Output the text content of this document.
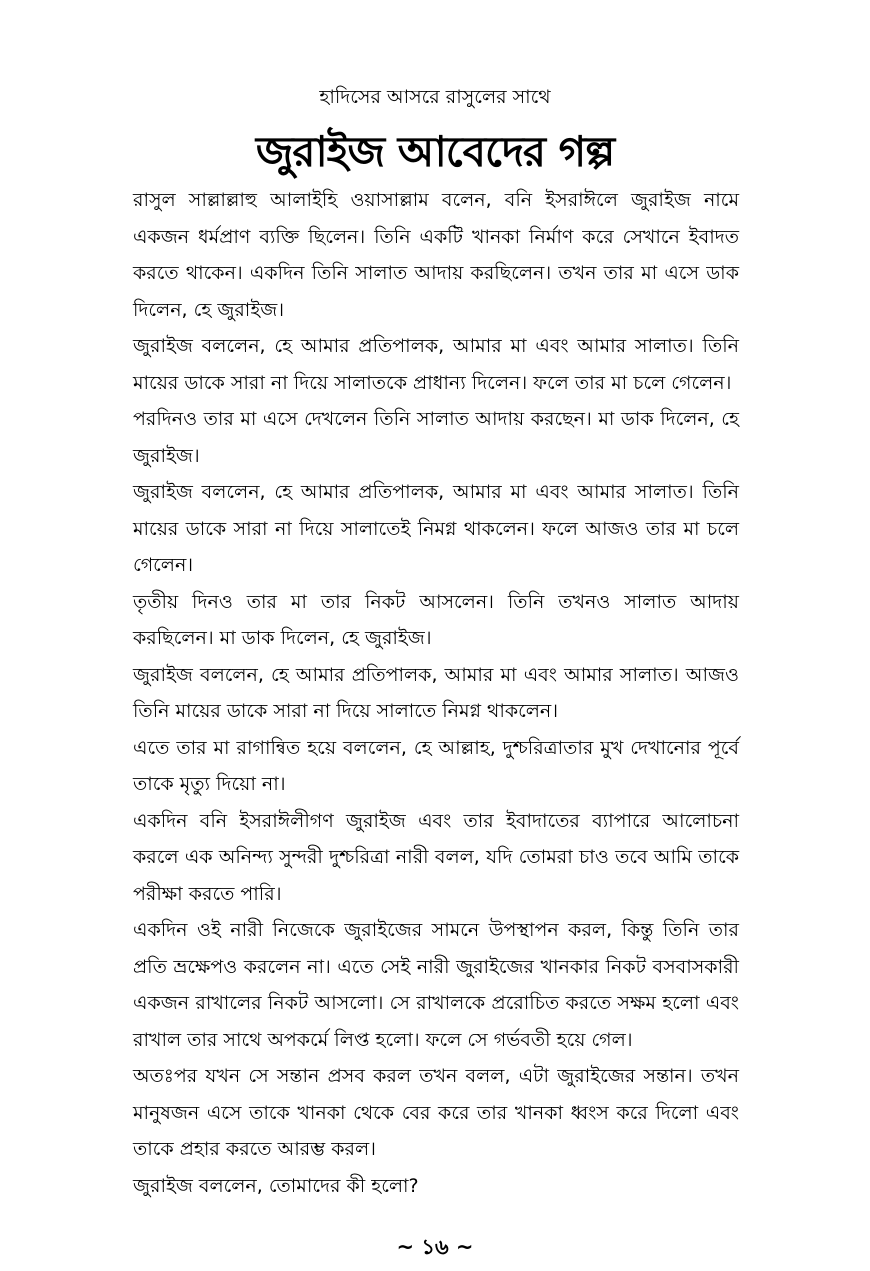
হাদিসের আসরে রাসুলের সাথে
জুরাইজ আবেদের গল্প

রাসুল সাল্লাল্লাহু আলাইহি ওয়াসাল্লাম বলেন, বনি ইসরাঈলে জুরাইজ নামে একজন ধর্মপ্রাণ ব্যক্তি ছিলেন। তিনি একটি খানকা নির্মাণ করে সেখানে ইবাদত করতে থাকেন। একদিন তিনি সালাত আদায় করছিলেন। তখন তার মা এসে ডাক দিলেন, হে জুরাইজ।

জুরাইজ বললেন, হে আমার প্রতিপালক, আমার মা এবং আমার সালাত। তিনি মায়ের ডাকে সারা না দিয়ে সালাতকে প্রাধান্য দিলেন। ফলে তার মা চলে গেলেন।

পরদিনও তার মা এসে দেখলেন তিনি সালাত আদায় করছেন। মা ডাক দিলেন, হে জুরাইজ।

জুরাইজ বললেন, হে আমার প্রতিপালক, আমার মা এবং আমার সালাত। তিনি মায়ের ডাকে সারা না দিয়ে সালাতেই নিমগ্ন থাকলেন। ফলে আজও তার মা চলে গেলেন।

তৃতীয় দিনও তার মা তার নিকট আসলেন। তিনি তখনও সালাত আদায় করছিলেন। মা ডাক দিলেন, হে জুরাইজ।

জুরাইজ বললেন, হে আমার প্রতিপালক, আমার মা এবং আমার সালাত। আজও তিনি মায়ের ডাকে সারা না দিয়ে সালাতে নিমগ্ন থাকলেন।

এতে তার মা রাগান্বিত হয়ে বললেন, হে আল্লাহ, দুশ্চরিত্রাতার মুখ দেখানোর পূর্বে তাকে মৃত্যু দিয়ো না।

একদিন বনি ইসরাঈলীগণ জুরাইজ এবং তার ইবাদাতের ব্যাপারে আলোচনা করলে এক অনিন্দ্য সুন্দরী দুশ্চরিত্রা নারী বলল, যদি তোমরা চাও তবে আমি তাকে পরীক্ষা করতে পারি।

একদিন ওই নারী নিজেকে জুরাইজের সামনে উপস্থাপন করল, কিন্তু তিনি তার প্রতি ভ্রক্ষেপও করলেন না। এতে সেই নারী জুরাইজের খানকার নিকট বসবাসকারী একজন রাখালের নিকট আসলো। সে রাখালকে প্ররোচিত করতে সক্ষম হলো এবং রাখাল তার সাথে অপকর্মে লিপ্ত হলো। ফলে সে গর্ভবতী হয়ে গেল।

অতঃপর যখন সে সন্তান প্রসব করল তখন বলল, এটা জুরাইজের সন্তান। তখন মানুষজন এসে তাকে খানকা থেকে বের করে তার খানকা ধ্বংস করে দিলো এবং তাকে প্রহার করতে আরম্ভ করল।

জুরাইজ বললেন, তোমাদের কী হলো?

~ ১৬ ~
